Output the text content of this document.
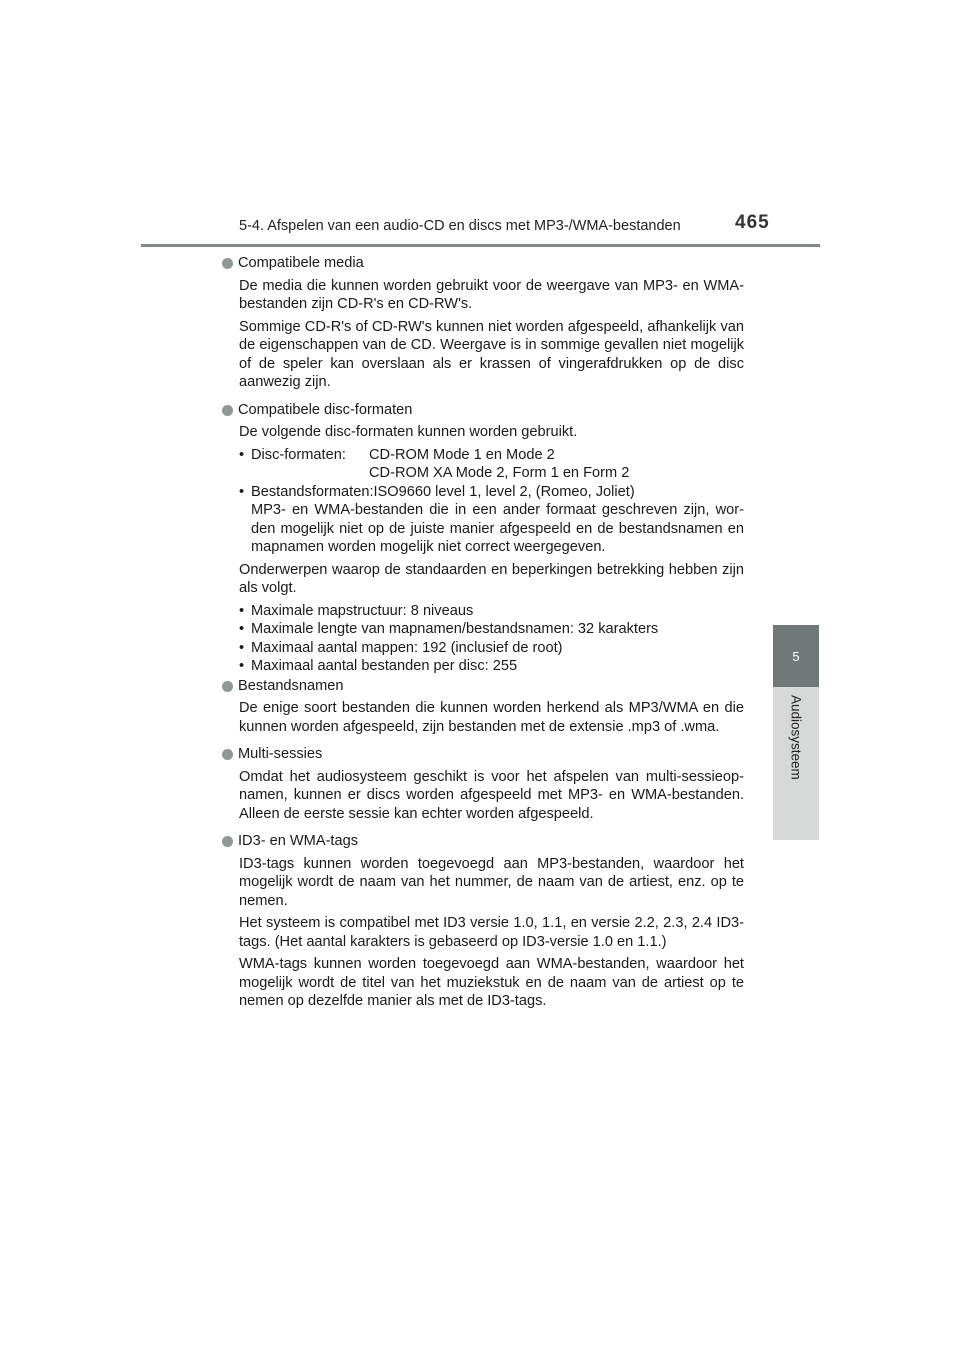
5-4. Afspelen van een audio-CD en discs met MP3-/WMA-bestanden	465
5
Audiosysteem
Compatibele media
De media die kunnen worden gebruikt voor de weergave van MP3- en WMA-bestanden zijn CD-R's en CD-RW's.
Sommige CD-R's of CD-RW's kunnen niet worden afgespeeld, afhankelijk van de eigenschappen van de CD. Weergave is in sommige gevallen niet mogelijk of de speler kan overslaan als er krassen of vingerafdrukken op de disc aanwezig zijn.
Compatibele disc-formaten
De volgende disc-formaten kunnen worden gebruikt.
• Disc-formaten:	CD-ROM Mode 1 en Mode 2
CD-ROM XA Mode 2, Form 1 en Form 2
• Bestandsformaten:ISO9660 level 1, level 2, (Romeo, Joliet)
MP3- en WMA-bestanden die in een ander formaat geschreven zijn, wor-den mogelijk niet op de juiste manier afgespeeld en de bestandsnamen en mapnamen worden mogelijk niet correct weergegeven.
Onderwerpen waarop de standaarden en beperkingen betrekking hebben zijn als volgt.
• Maximale mapstructuur: 8 niveaus
• Maximale lengte van mapnamen/bestandsnamen: 32 karakters
• Maximaal aantal mappen: 192 (inclusief de root)
• Maximaal aantal bestanden per disc: 255
Bestandsnamen
De enige soort bestanden die kunnen worden herkend als MP3/WMA en die kunnen worden afgespeeld, zijn bestanden met de extensie .mp3 of .wma.
Multi-sessies
Omdat het audiosysteem geschikt is voor het afspelen van multi-sessieop-namen, kunnen er discs worden afgespeeld met MP3- en WMA-bestanden. Alleen de eerste sessie kan echter worden afgespeeld.
ID3- en WMA-tags
ID3-tags kunnen worden toegevoegd aan MP3-bestanden, waardoor het mogelijk wordt de naam van het nummer, de naam van de artiest, enz. op te nemen.
Het systeem is compatibel met ID3 versie 1.0, 1.1, en versie 2.2, 2.3, 2.4 ID3-tags. (Het aantal karakters is gebaseerd op ID3-versie 1.0 en 1.1.)
WMA-tags kunnen worden toegevoegd aan WMA-bestanden, waardoor het mogelijk wordt de titel van het muziekstuk en de naam van de artiest op te nemen op dezelfde manier als met de ID3-tags.
